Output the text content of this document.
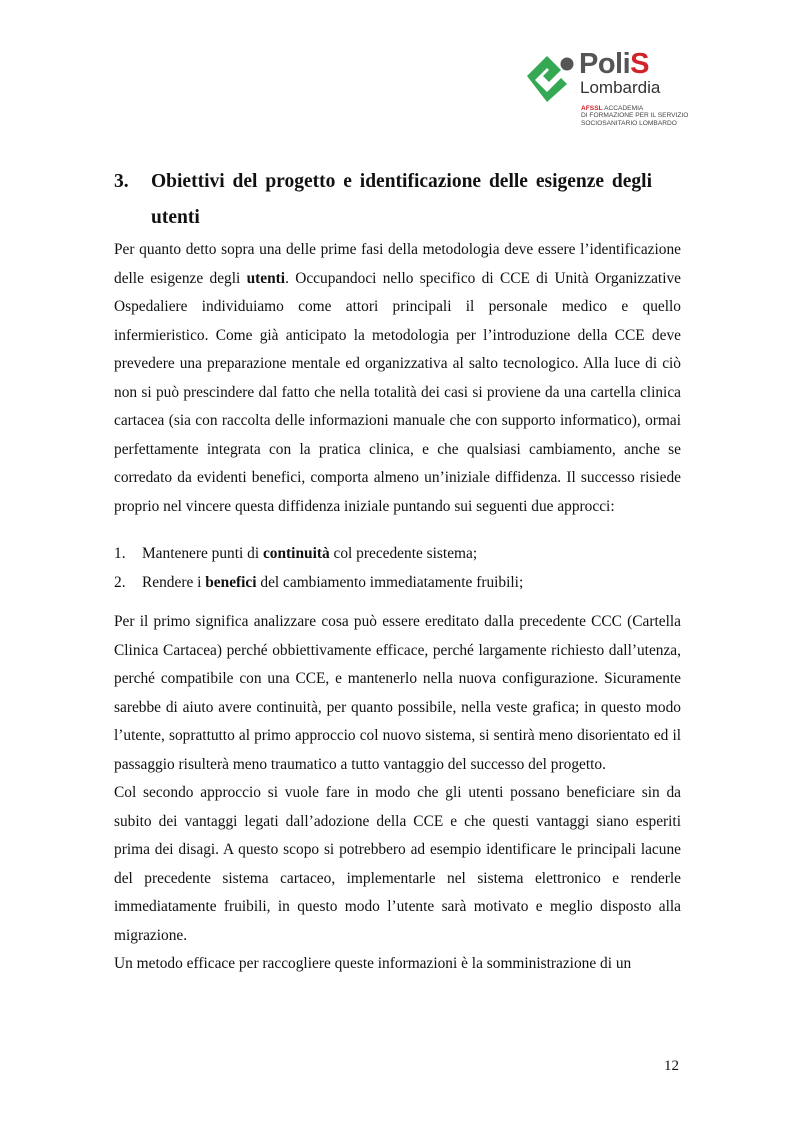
PoliS
Lombardia
AFSSL ACCADEMIA
DI FORMAZIONE PER IL SERVIZIO
SOCIOSANITARIO LOMBARDO
3. Obiettivi del progetto e identificazione delle esigenze degli utenti

Per quanto detto sopra una delle prime fasi della metodologia deve essere l’identificazione delle esigenze degli utenti. Occupandoci nello specifico di CCE di Unità Organizzative Ospedaliere individuiamo come attori principali il personale medico e quello infermieristico. Come già anticipato la metodologia per l’introduzione della CCE deve prevedere una preparazione mentale ed organizzativa al salto tecnologico. Alla luce di ciò non si può prescindere dal fatto che nella totalità dei casi si proviene da una cartella clinica cartacea (sia con raccolta delle informazioni manuale che con supporto informatico), ormai perfettamente integrata con la pratica clinica, e che qualsiasi cambiamento, anche se corredato da evidenti benefici, comporta almeno un’iniziale diffidenza. Il successo risiede proprio nel vincere questa diffidenza iniziale puntando sui seguenti due approcci:

1. Mantenere punti di continuità col precedente sistema;
2. Rendere i benefici del cambiamento immediatamente fruibili;

Per il primo significa analizzare cosa può essere ereditato dalla precedente CCC (Cartella Clinica Cartacea) perché obbiettivamente efficace, perché largamente richiesto dall’utenza, perché compatibile con una CCE, e mantenerlo nella nuova configurazione. Sicuramente sarebbe di aiuto avere continuità, per quanto possibile, nella veste grafica; in questo modo l’utente, soprattutto al primo approccio col nuovo sistema, si sentirà meno disorientato ed il passaggio risulterà meno traumatico a tutto vantaggio del successo del progetto.

Col secondo approccio si vuole fare in modo che gli utenti possano beneficiare sin da subito dei vantaggi legati dall’adozione della CCE e che questi vantaggi siano esperiti prima dei disagi. A questo scopo si potrebbero ad esempio identificare le principali lacune del precedente sistema cartaceo, implementarle nel sistema elettronico e renderle immediatamente fruibili, in questo modo l’utente sarà motivato e meglio disposto alla migrazione.

Un metodo efficace per raccogliere queste informazioni è la somministrazione di un

12
